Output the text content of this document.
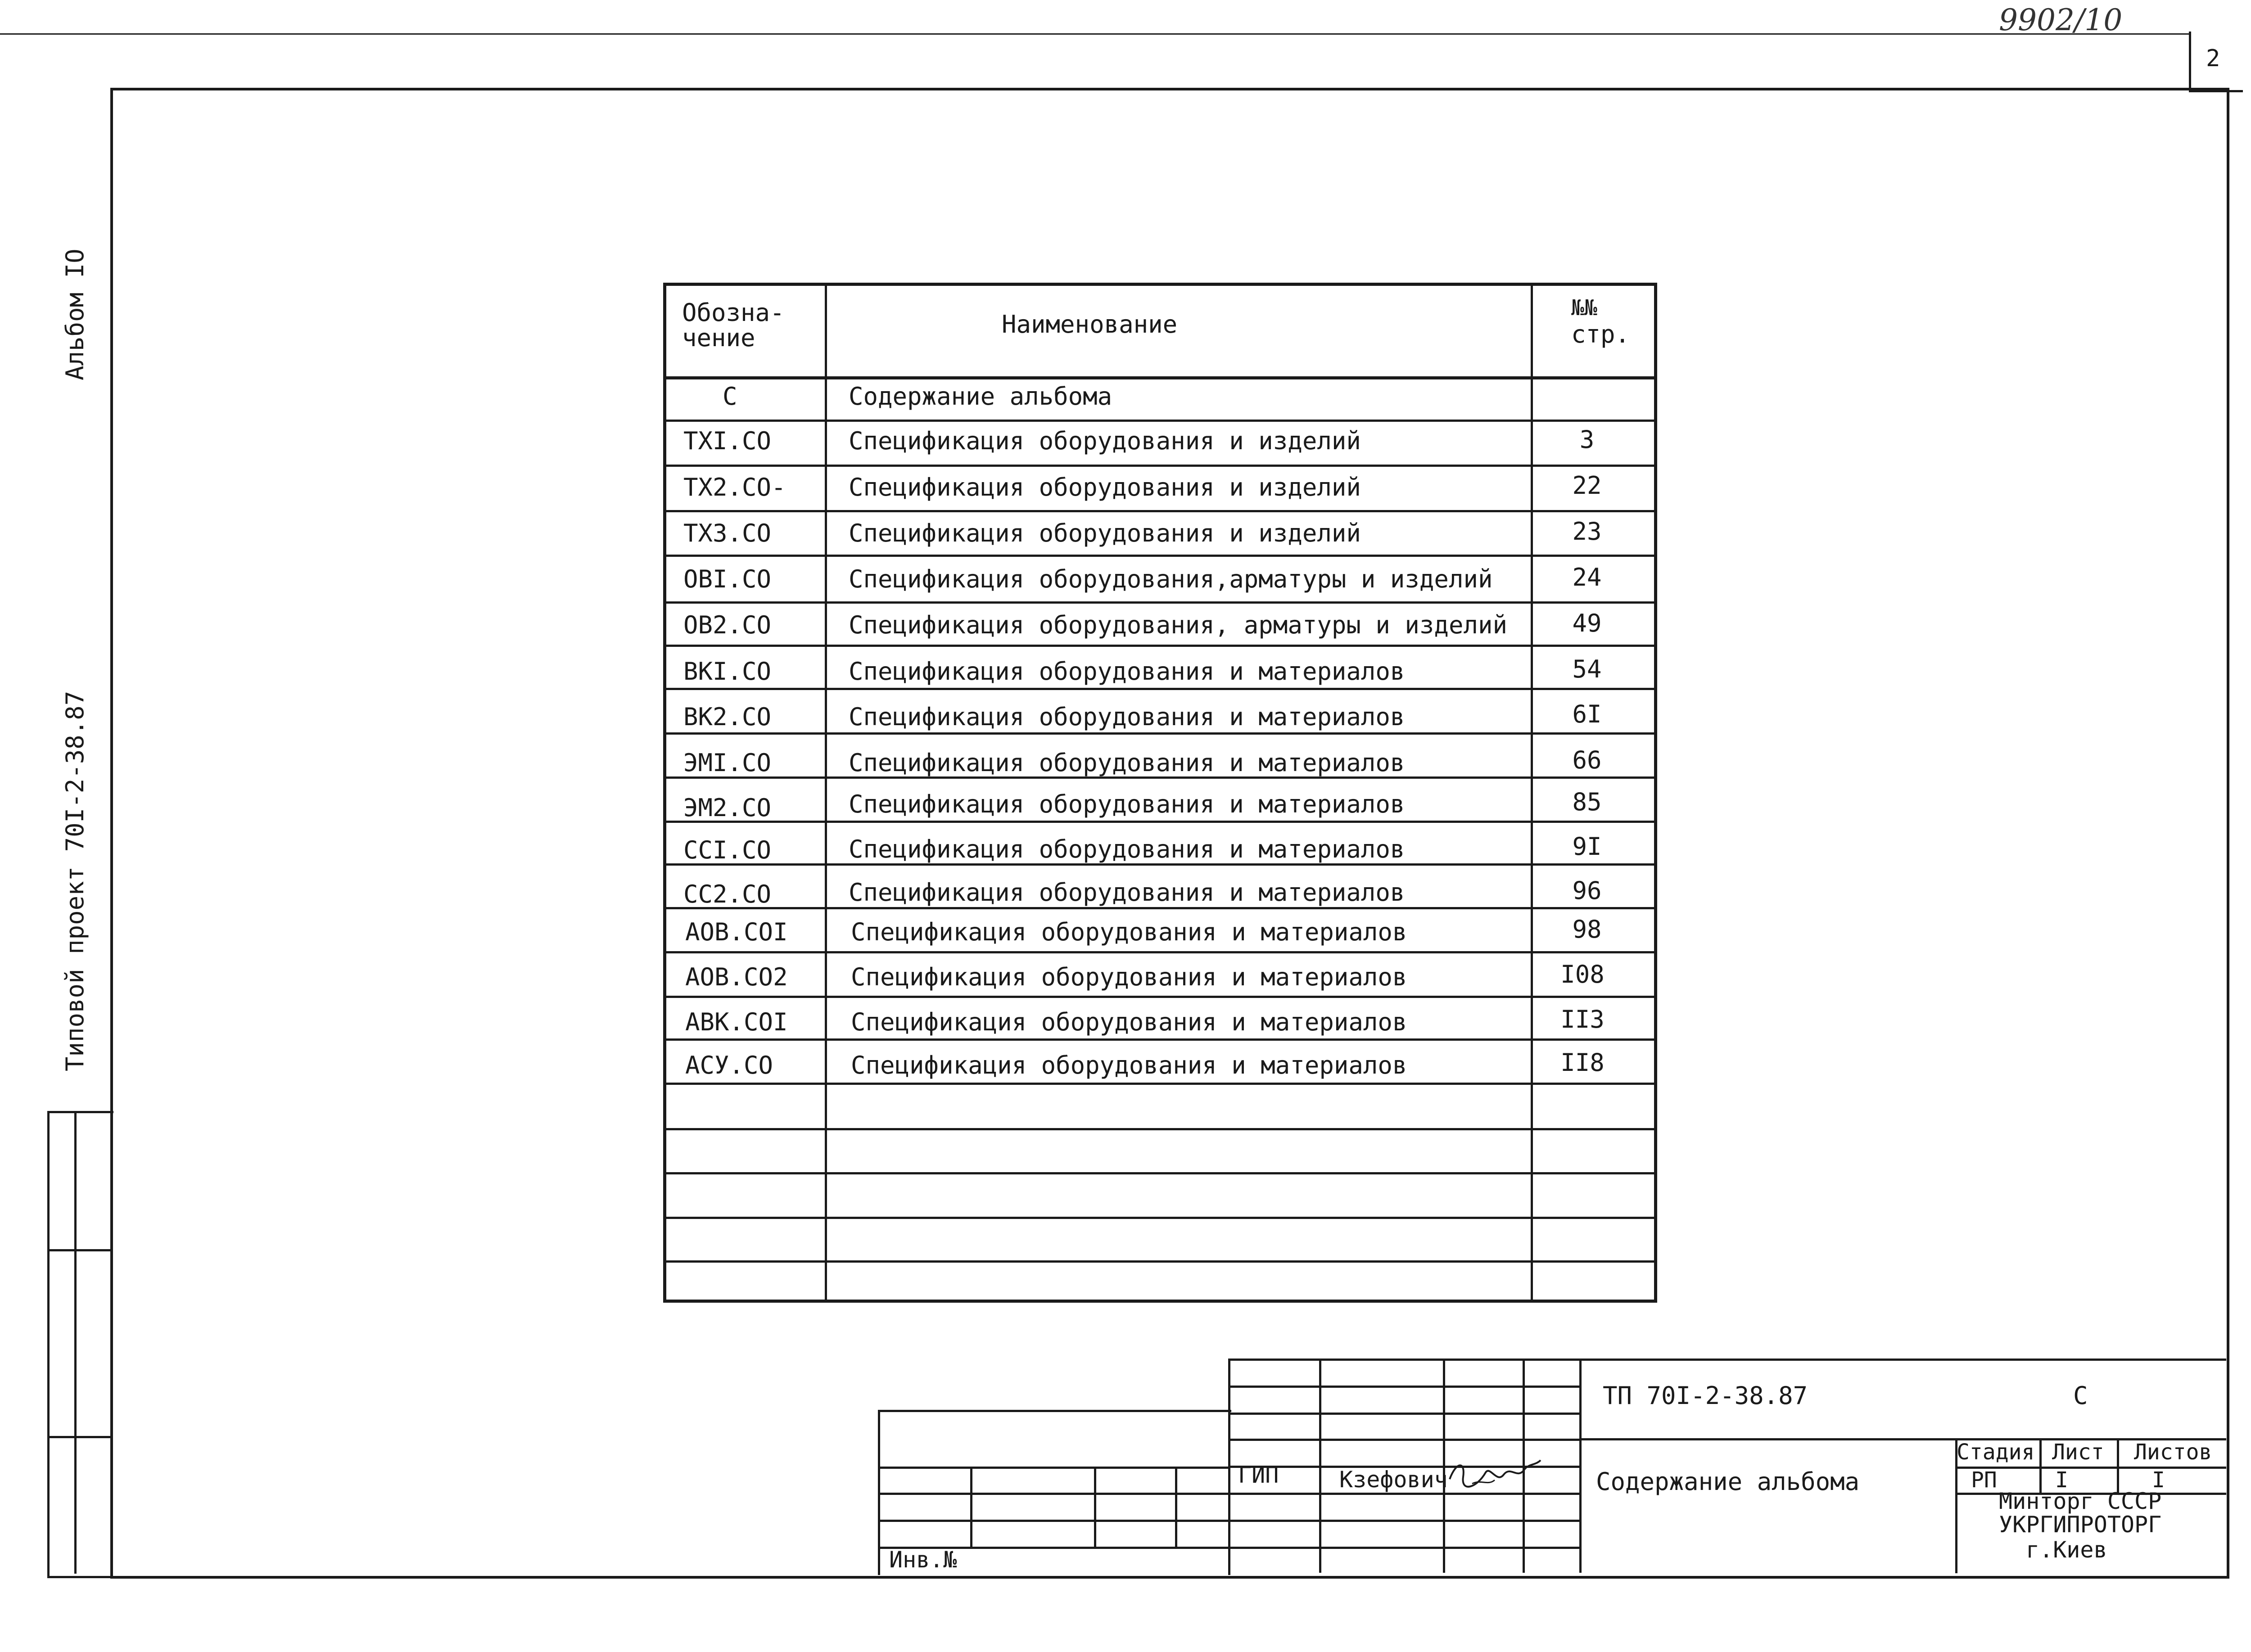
9902/10
2
Альбом IO
Типовой проект 70I-2-38.87
Обозна-
чение	Наименование
№№
стр.
С	Содержание альбома
ТХI.СО	Спецификация оборудования и изделий	3
ТХ2.СО-	Спецификация оборудования и изделий	22
ТХ3.СО	Спецификация оборудования и изделий	23
ОВI.СО	Спецификация оборудования,арматуры и изделий	24
ОВ2.СО	Спецификация оборудования, арматуры и изделий	49
ВКI.СО	Спецификация оборудования и материалов	54
ВК2.СО	Спецификация оборудования и материалов	6I
ЭМI.СО	Спецификация оборудования и материалов	66
ЭМ2.СО	Спецификация оборудования и материалов	85
ССI.СО	Спецификация оборудования и материалов	9I
СС2.СО	Спецификация оборудования и материалов	96
АОВ.СОI	Спецификация оборудования и материалов	98
АОВ.СО2	Спецификация оборудования и материалов	I08
АВК.СОI	Спецификация оборудования и материалов	II3
АСУ.СО	Спецификация оборудования и материалов	II8
Инв.№
ГИП	Кзефович
ТП 70I-2-38.87	С
Содержание альбома
Стадия Лист Листов
РП	I	I
Минторг СССР
УКРГИПРОТОРГ
г.Киев
